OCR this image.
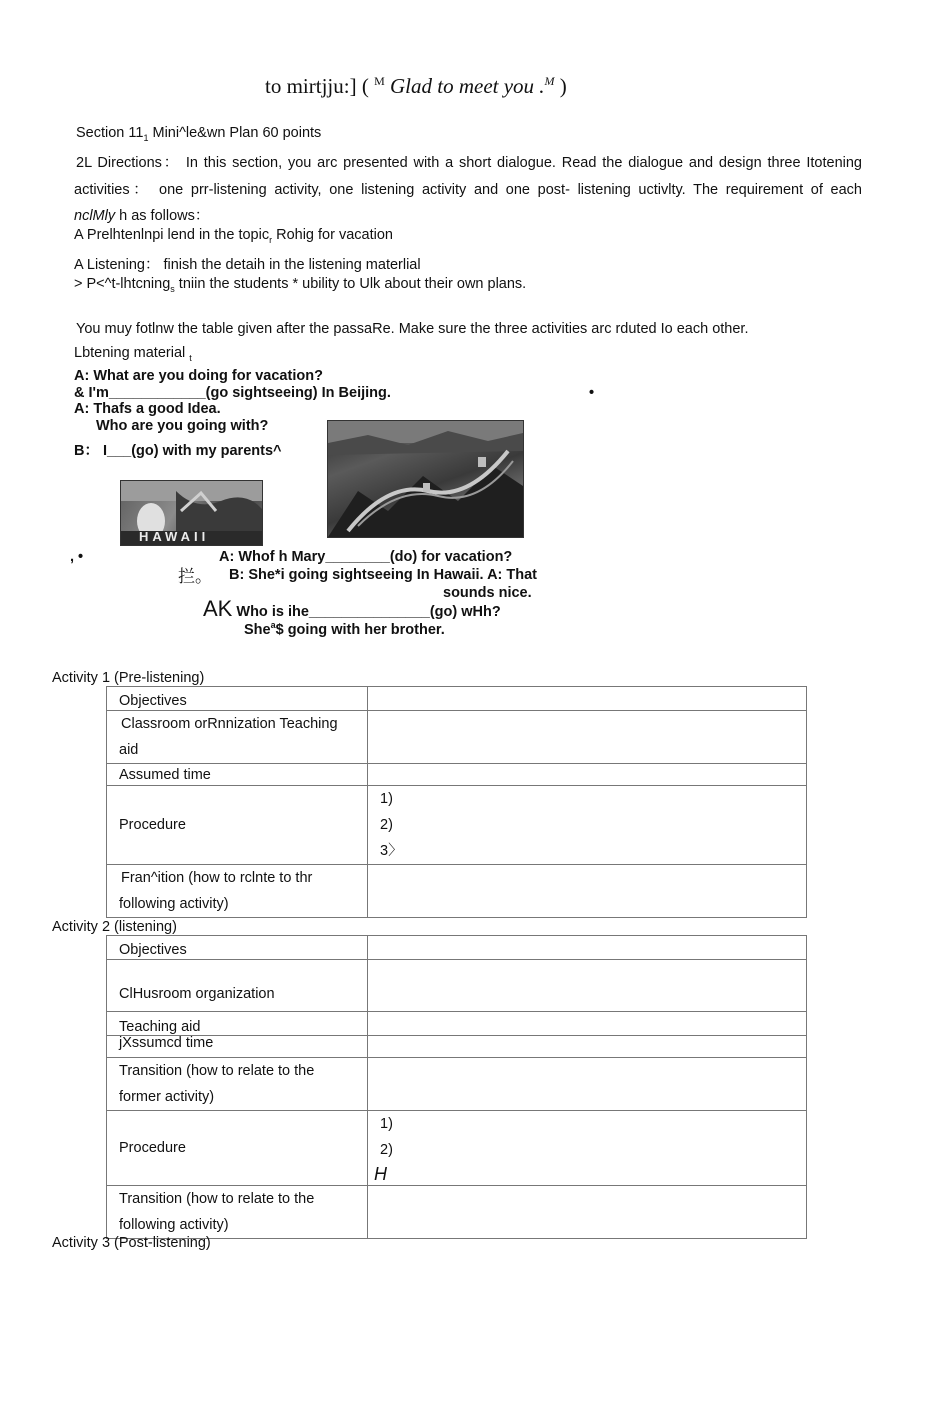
to mirtjju:] ( $^M$ Glad to meet you .$^M$ )
Section $11_1$ Mini^le&wn Plan 60 points
2L Directions： In this section, you arc presented with a short dialogue. Read the dialogue and design three Itotening
activities： one prr-listening activity, one listening activity and one post- listening uctivlty. The requirement of each
nclMly h as follows：
A Prelhtenlnpi lend in the topic$_r$ Rohig for vacation
A Listening： finish the detaih in the listening materlial
> P<^t-lhtcning$_s$ tniin the students * ubility to Ulk about their own plans.
You muy fotlnw the table given after the passaRe. Make sure the three activities arc rduted Io each other.
Lbtening material $_t$
A: What are you doing for vacation?
& I'm____________(go sightseeing) In Beijing.	•
A: Thafs a good Idea.
Who are you going with?
B： I___(go) with my parents^
HAWAII
, •	A: Whof h Mary________(do) for vacation?
拦。 B: She*i going sightseeing In Hawaii. A: That
sounds nice.
AK Who is ihe_______________(go) wHh?
She$^a$\$ going with her brother.
Activity 1 (Pre-listening)
Objectives	

Classroom orRnnization Teaching
aid	

Assumed time	
Procedure	1)
2)
3〉

Fran^ition (how to rclnte to thr
following activity)	

Activity 2 (listening)
Objectives	
ClHusroom organization	
Teaching aid	
jXssumcd time	

Transition (how to relate to the
former activity)	

Procedure	1)
2)
H

Transition (how to relate to the
following activity)	

Activity 3 (Post-listening)
